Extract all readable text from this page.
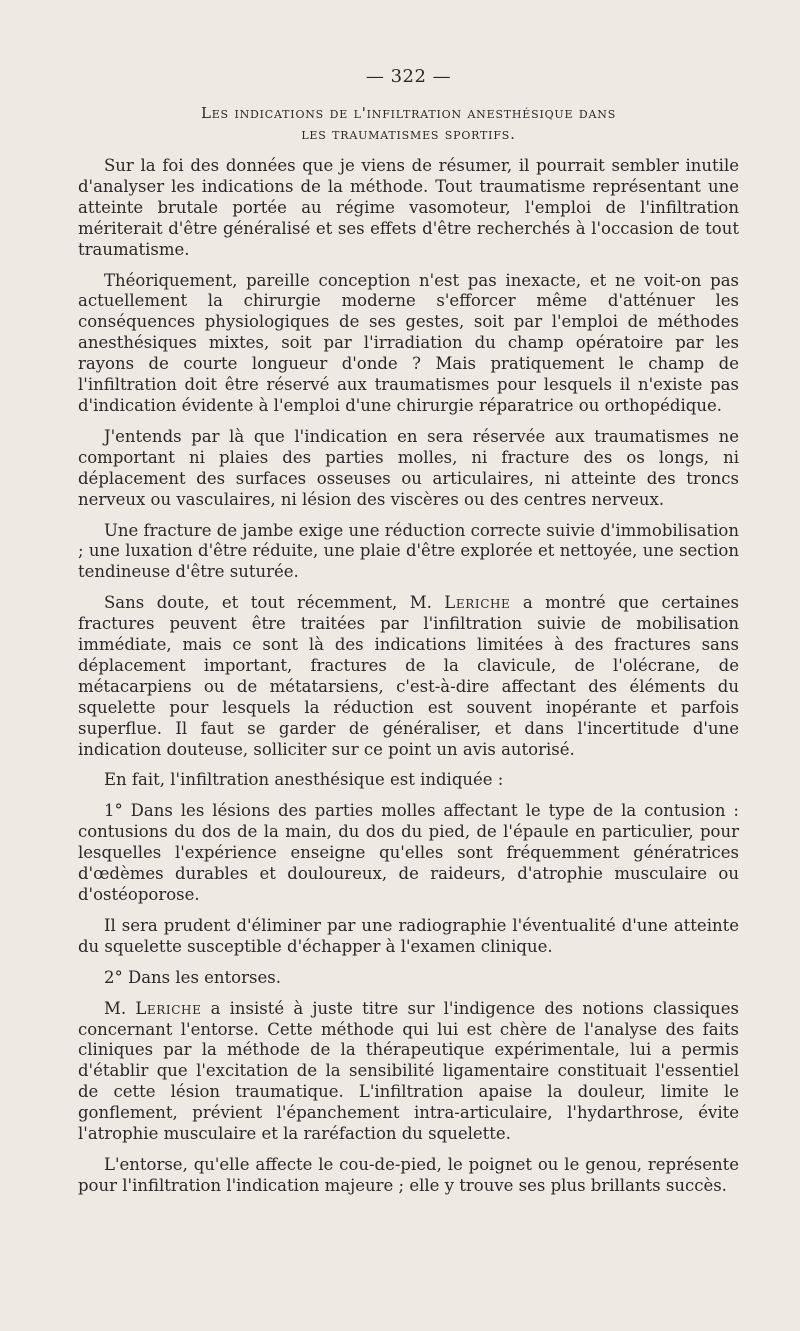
— 322 —
Les indications de l'infiltration anesthésique dans
les traumatismes sportifs.

Sur la foi des données que je viens de résumer, il pourrait sembler inutile d'analyser les indications de la méthode. Tout traumatisme représentant une atteinte brutale portée au régime vasomoteur, l'emploi de l'infiltration mériterait d'être généralisé et ses effets d'être recherchés à l'occasion de tout traumatisme.

Théoriquement, pareille conception n'est pas inexacte, et ne voit-on pas actuellement la chirurgie moderne s'efforcer même d'atténuer les conséquences physiologiques de ses gestes, soit par l'emploi de méthodes anesthésiques mixtes, soit par l'irradiation du champ opératoire par les rayons de courte longueur d'onde ? Mais pratiquement le champ de l'infiltration doit être réservé aux traumatismes pour lesquels il n'existe pas d'indication évidente à l'emploi d'une chirurgie réparatrice ou orthopédique.

J'entends par là que l'indication en sera réservée aux traumatismes ne comportant ni plaies des parties molles, ni fracture des os longs, ni déplacement des surfaces osseuses ou articulaires, ni atteinte des troncs nerveux ou vasculaires, ni lésion des viscères ou des centres nerveux.

Une fracture de jambe exige une réduction correcte suivie d'immobilisation ; une luxation d'être réduite, une plaie d'être explorée et nettoyée, une section tendineuse d'être suturée.

Sans doute, et tout récemment, M. Leriche a montré que certaines fractures peuvent être traitées par l'infiltration suivie de mobilisation immédiate, mais ce sont là des indications limitées à des fractures sans déplacement important, fractures de la clavicule, de l'olécrane, de métacarpiens ou de métatarsiens, c'est-à-dire affectant des éléments du squelette pour lesquels la réduction est souvent inopérante et parfois superflue. Il faut se garder de généraliser, et dans l'incertitude d'une indication douteuse, solliciter sur ce point un avis autorisé.

En fait, l'infiltration anesthésique est indiquée :

1° Dans les lésions des parties molles affectant le type de la contusion : contusions du dos de la main, du dos du pied, de l'épaule en particulier, pour lesquelles l'expérience enseigne qu'elles sont fréquemment génératrices d'œdèmes durables et douloureux, de raideurs, d'atrophie musculaire ou d'ostéoporose.

Il sera prudent d'éliminer par une radiographie l'éventualité d'une atteinte du squelette susceptible d'échapper à l'examen clinique.

2° Dans les entorses.

M. Leriche a insisté à juste titre sur l'indigence des notions classiques concernant l'entorse. Cette méthode qui lui est chère de l'analyse des faits cliniques par la méthode de la thérapeutique expérimentale, lui a permis d'établir que l'excitation de la sensibilité ligamentaire constituait l'essentiel de cette lésion traumatique. L'infiltration apaise la douleur, limite le gonflement, prévient l'épanchement intra-articulaire, l'hydarthrose, évite l'atrophie musculaire et la raréfaction du squelette.

L'entorse, qu'elle affecte le cou-de-pied, le poignet ou le genou, représente pour l'infiltration l'indication majeure ; elle y trouve ses plus brillants succès.
